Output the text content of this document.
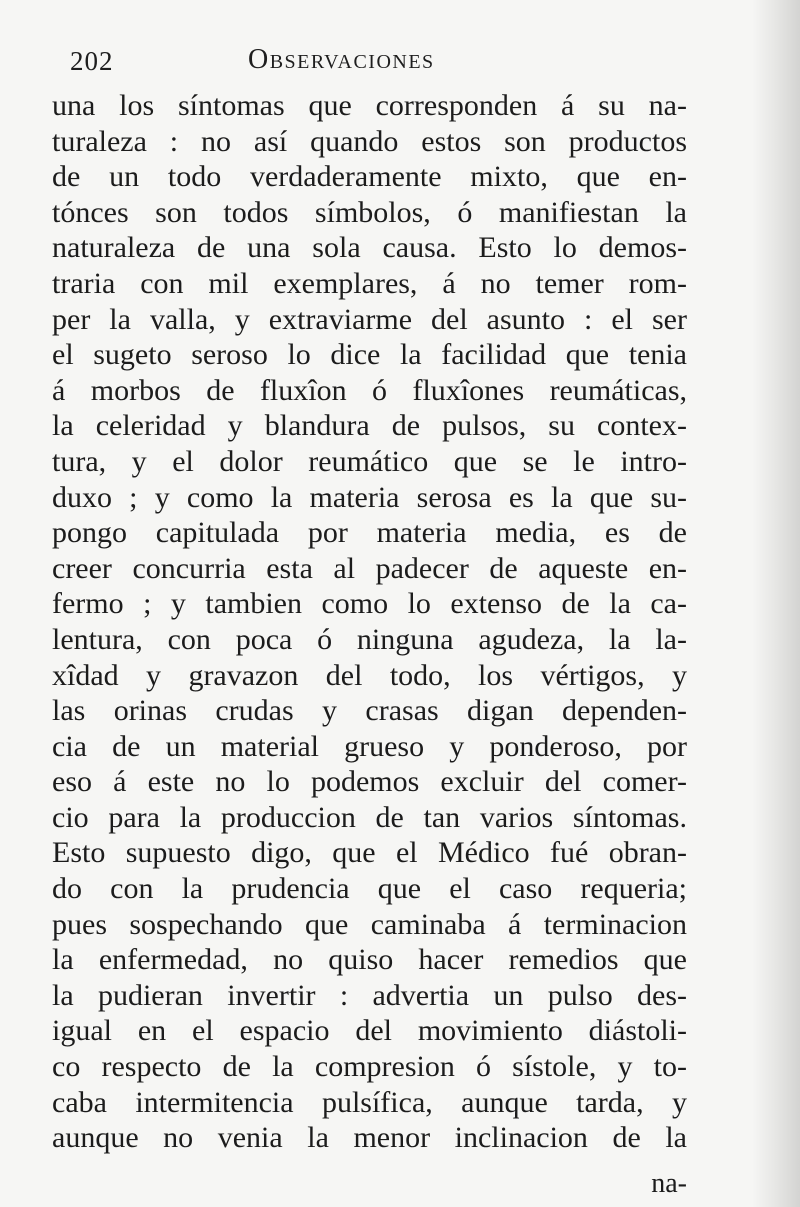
202	Observaciones
una los síntomas que corresponden á su na-
turaleza : no así quando estos son productos
de un todo verdaderamente mixto, que en-
tónces son todos símbolos, ó manifiestan la
naturaleza de una sola causa. Esto lo demos-
traria con mil exemplares, á no temer rom-
per la valla, y extraviarme del asunto : el ser
el sugeto seroso lo dice la facilidad que tenia
á morbos de fluxîon ó fluxîones reumáticas,
la celeridad y blandura de pulsos, su contex-
tura, y el dolor reumático que se le intro-
duxo ; y como la materia serosa es la que su-
pongo capitulada por materia media, es de
creer concurria esta al padecer de aqueste en-
fermo ; y tambien como lo extenso de la ca-
lentura, con poca ó ninguna agudeza, la la-
xîdad y gravazon del todo, los vértigos, y
las orinas crudas y crasas digan dependen-
cia de un material grueso y ponderoso, por
eso á este no lo podemos excluir del comer-
cio para la produccion de tan varios síntomas.
Esto supuesto digo, que el Médico fué obran-
do con la prudencia que el caso requeria;
pues sospechando que caminaba á terminacion
la enfermedad, no quiso hacer remedios que
la pudieran invertir : advertia un pulso des-
igual en el espacio del movimiento diástoli-
co respecto de la compresion ó sístole, y to-
caba intermitencia pulsífica, aunque tarda, y
aunque no venia la menor inclinacion de la
na-
